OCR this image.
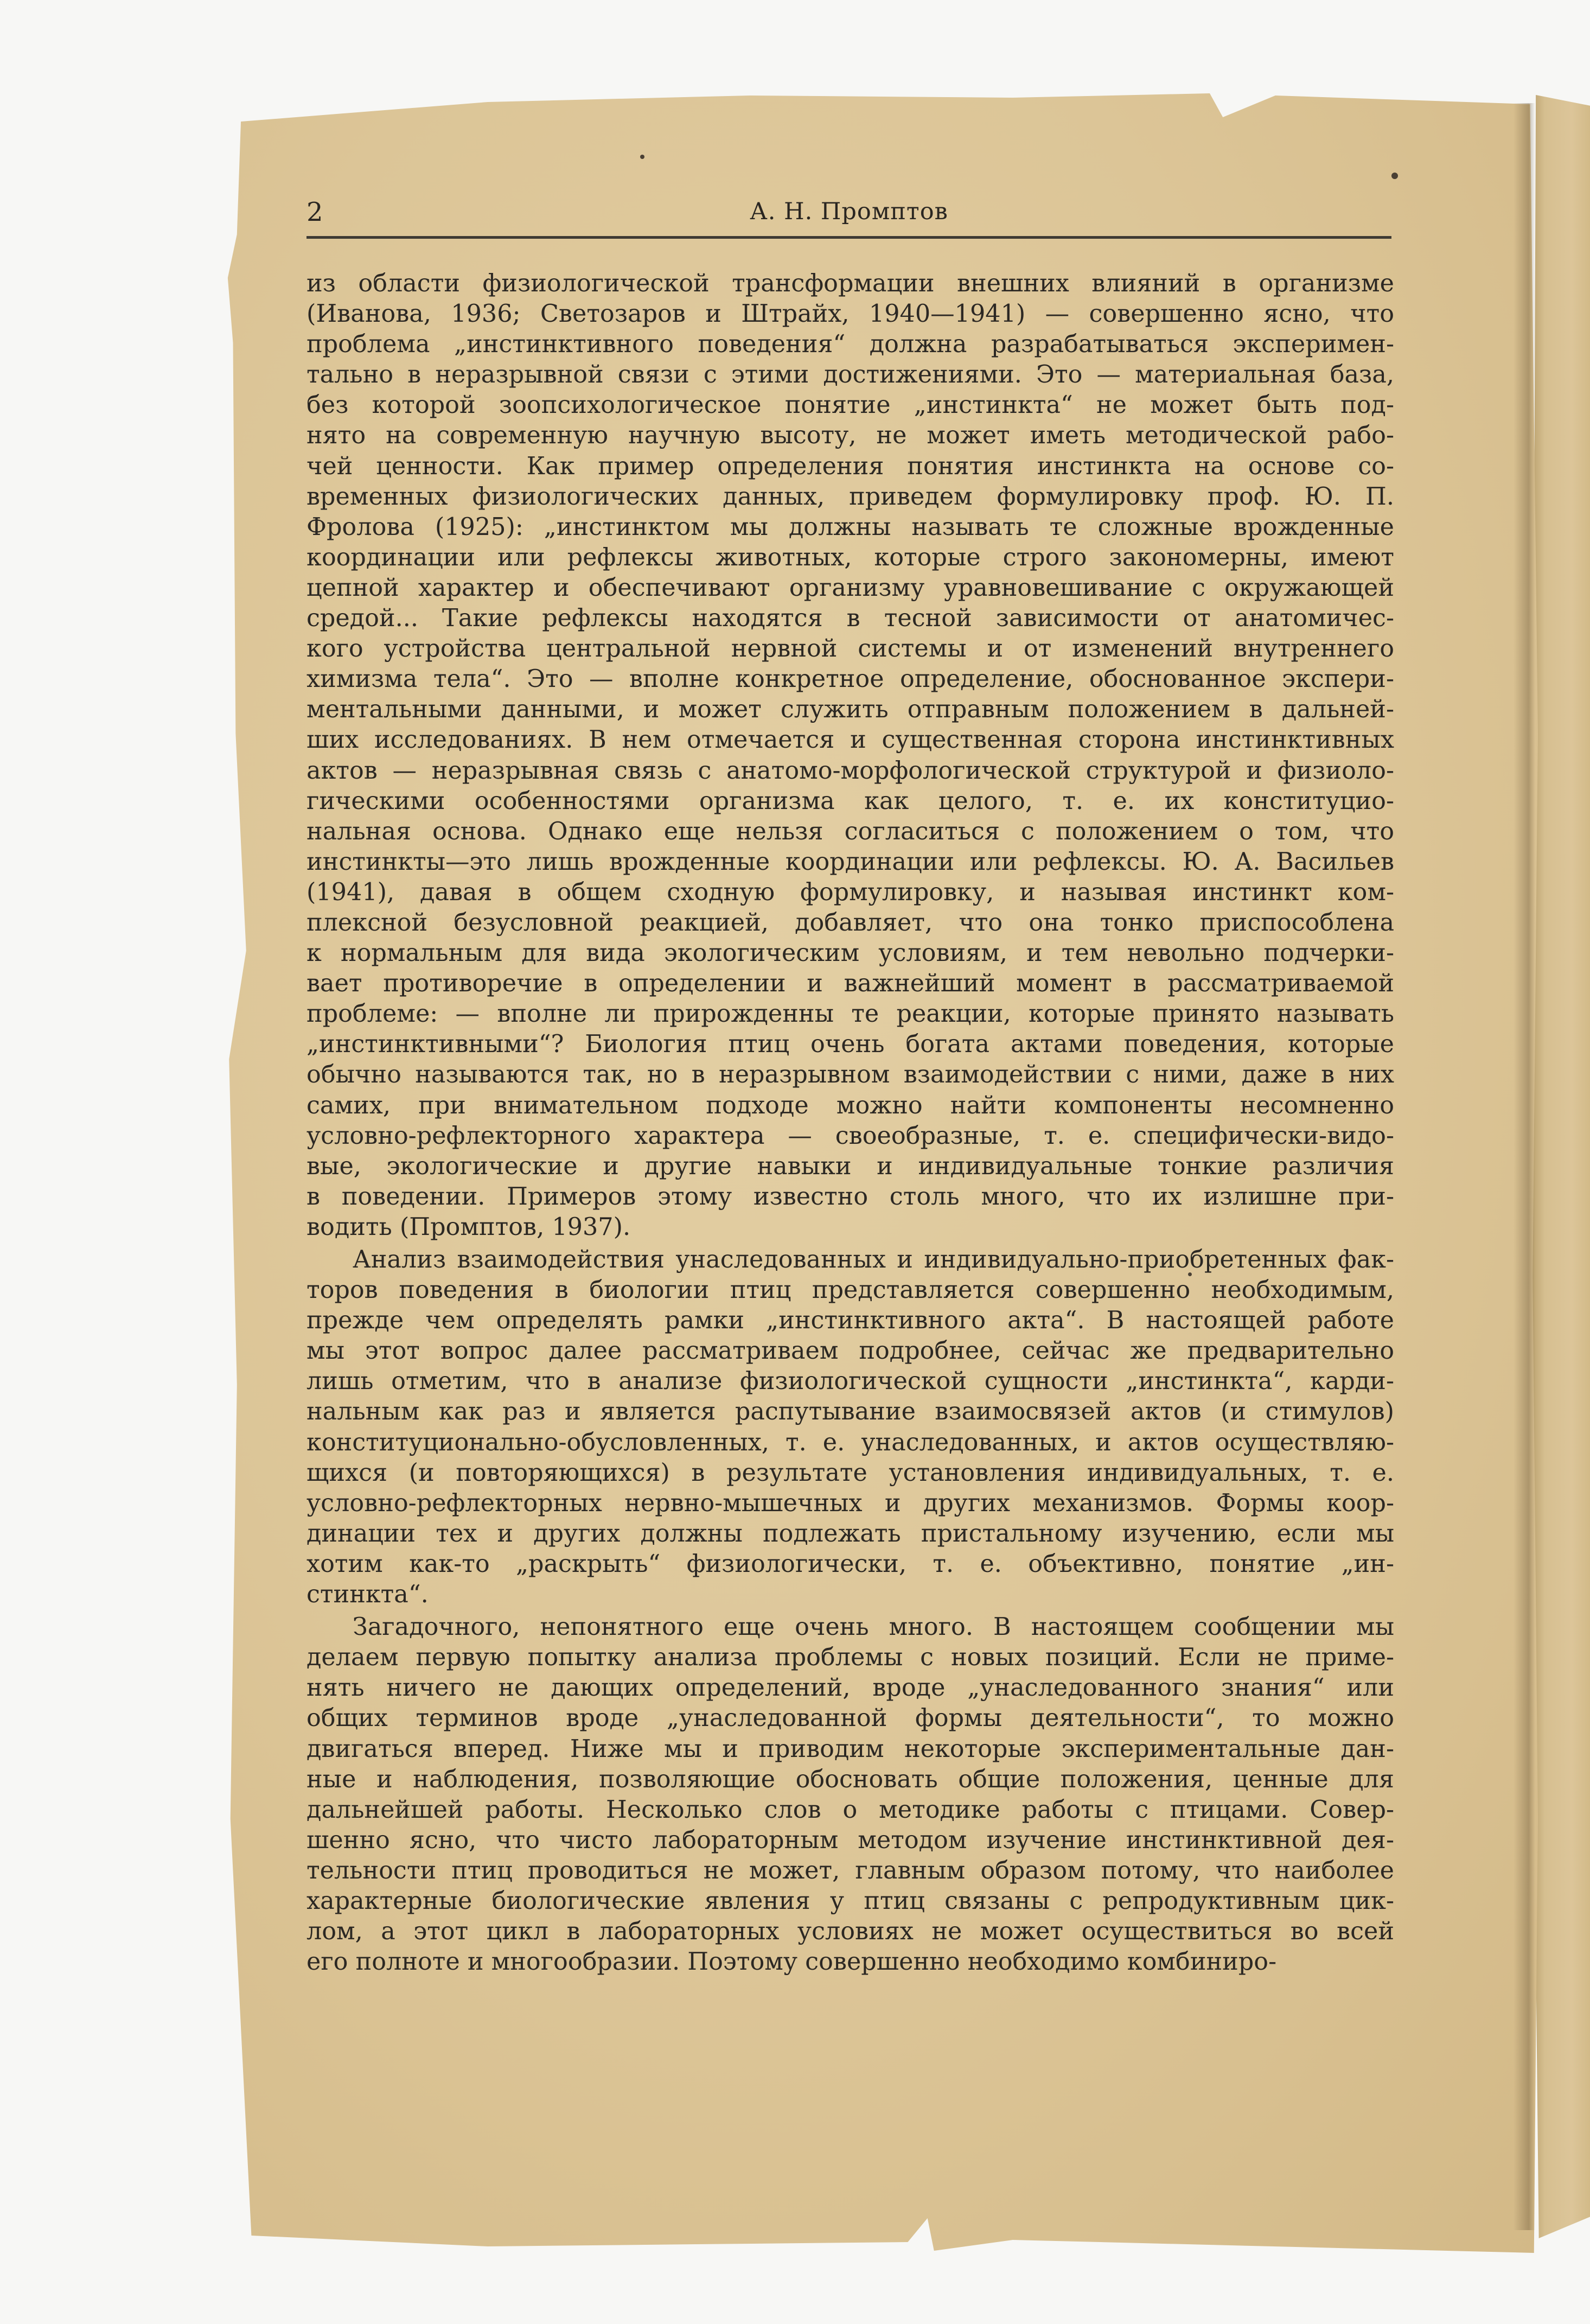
2	А. Н. Промптов
из области физиологической трансформации внешних влияний в организме
(Иванова, 1936; Светозаров и Штрайх, 1940—1941) — совершенно ясно, что
проблема „инстинктивного поведения“ должна разрабатываться эксперимен-
тально в неразрывной связи с этими достижениями. Это — материальная база,
без которой зоопсихологическое понятие „инстинкта“ не может быть под-
нято на современную научную высоту, не может иметь методической рабо-
чей ценности. Как пример определения понятия инстинкта на основе со-
временных физиологических данных, приведем формулировку проф. Ю. П.
Фролова (1925): „инстинктом мы должны называть те сложные врожденные
координации или рефлексы животных, которые строго закономерны, имеют
цепной характер и обеспечивают организму уравновешивание с окружающей
средой... Такие рефлексы находятся в тесной зависимости от анатомичес-
кого устройства центральной нервной системы и от изменений внутреннего
химизма тела“. Это — вполне конкретное определение, обоснованное экспери-
ментальными данными, и может служить отправным положением в дальней-
ших исследованиях. В нем отмечается и существенная сторона инстинктивных
актов — неразрывная связь с анатомо-морфологической структурой и физиоло-
гическими особенностями организма как целого, т. е. их конституцио-
нальная основа. Однако еще нельзя согласиться с положением о том, что
инстинкты—это лишь врожденные координации или рефлексы. Ю. А. Васильев
(1941), давая в общем сходную формулировку, и называя инстинкт ком-
плексной безусловной реакцией, добавляет, что она тонко приспособлена
к нормальным для вида экологическим условиям, и тем невольно подчерки-
вает противоречие в определении и важнейший момент в рассматриваемой
проблеме: — вполне ли прирожденны те реакции, которые принято называть
„инстинктивными“? Биология птиц очень богата актами поведения, которые
обычно называются так, но в неразрывном взаимодействии с ними, даже в них
самих, при внимательном подходе можно найти компоненты несомненно
условно-рефлекторного характера — своеобразные, т. е. специфически-видо-
вые, экологические и другие навыки и индивидуальные тонкие различия
в поведении. Примеров этому известно столь много, что их излишне при-
водить (Промптов, 1937).
Анализ взаимодействия унаследованных и индивидуально-приобретенных фак-
торов поведения в биологии птиц представляется совершенно необходимым,
прежде чем определять рамки „инстинктивного акта“. В настоящей работе
мы этот вопрос далее рассматриваем подробнее, сейчас же предварительно
лишь отметим, что в анализе физиологической сущности „инстинкта“, карди-
нальным как раз и является распутывание взаимосвязей актов (и стимулов)
конституционально-обусловленных, т. е. унаследованных, и актов осуществляю-
щихся (и повторяющихся) в результате установления индивидуальных, т. е.
условно-рефлекторных нервно-мышечных и других механизмов. Формы коор-
динации тех и других должны подлежать пристальному изучению, если мы
хотим как-то „раскрыть“ физиологически, т. е. объективно, понятие „ин-
стинкта“.
Загадочного, непонятного еще очень много. В настоящем сообщении мы
делаем первую попытку анализа проблемы с новых позиций. Если не приме-
нять ничего не дающих определений, вроде „унаследованного знания“ или
общих терминов вроде „унаследованной формы деятельности“, то можно
двигаться вперед. Ниже мы и приводим некоторые экспериментальные дан-
ные и наблюдения, позволяющие обосновать общие положения, ценные для
дальнейшей работы. Несколько слов о методике работы с птицами. Совер-
шенно ясно, что чисто лабораторным методом изучение инстинктивной дея-
тельности птиц проводиться не может, главным образом потому, что наиболее
характерные биологические явления у птиц связаны с репродуктивным цик-
лом, а этот цикл в лабораторных условиях не может осуществиться во всей
его полноте и многообразии. Поэтому совершенно необходимо комбиниро-
